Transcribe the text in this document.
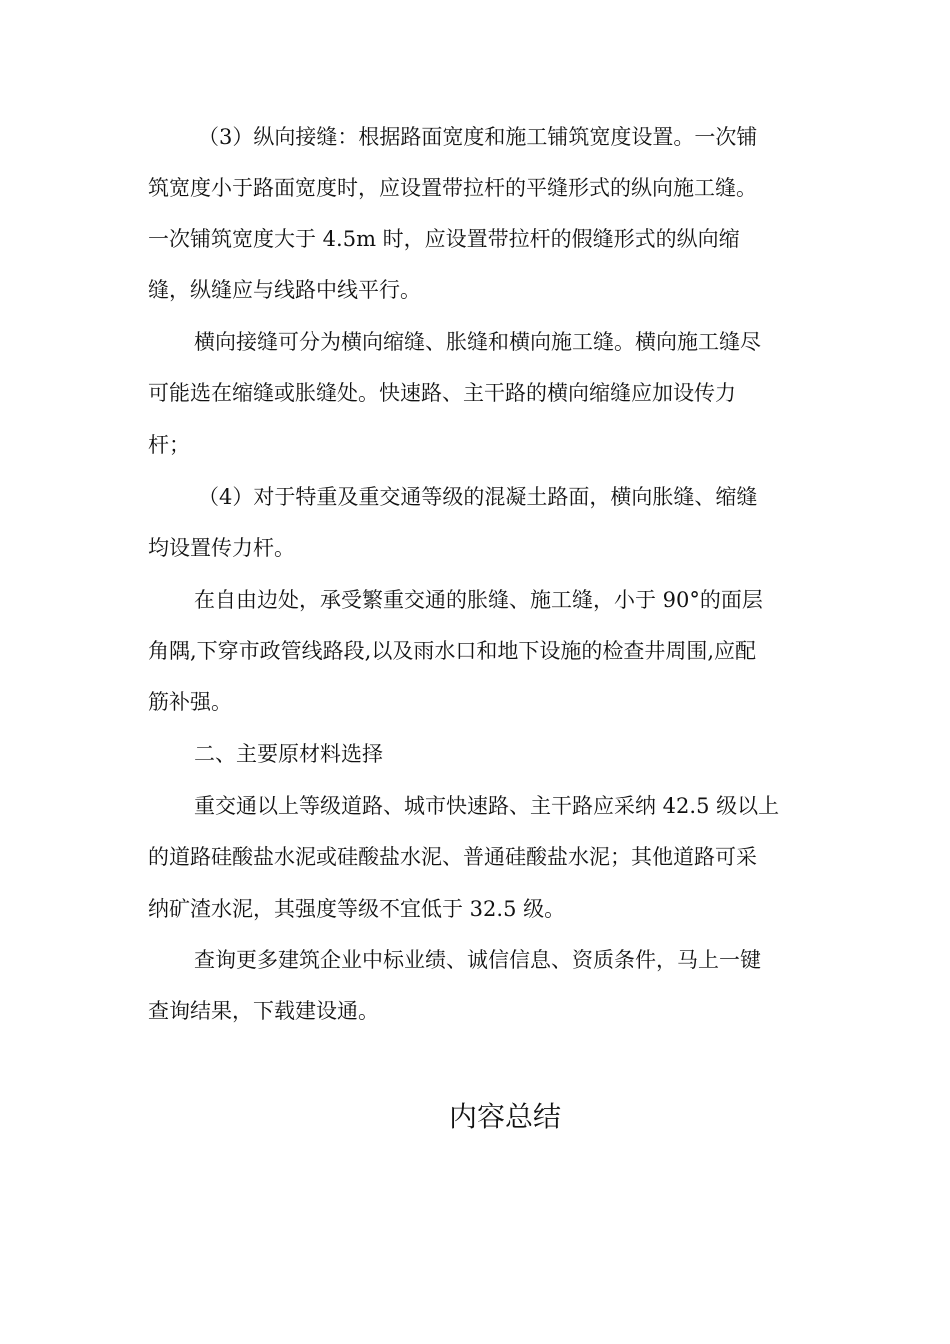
（3）纵向接缝：根据路面宽度和施工铺筑宽度设置。一次铺
筑宽度小于路面宽度时，应设置带拉杆的平缝形式的纵向施工缝。
一次铺筑宽度大于 4.5m 时，应设置带拉杆的假缝形式的纵向缩
缝，纵缝应与线路中线平行。
横向接缝可分为横向缩缝、胀缝和横向施工缝。横向施工缝尽
可能选在缩缝或胀缝处。快速路、主干路的横向缩缝应加设传力
杆；
（4）对于特重及重交通等级的混凝土路面，横向胀缝、缩缝
均设置传力杆。
在自由边处，承受繁重交通的胀缝、施工缝，小于 90°的面层
角隅,下穿市政管线路段,以及雨水口和地下设施的检查井周围,应配
筋补强。
二、主要原材料选择
重交通以上等级道路、城市快速路、主干路应采纳 42.5 级以上
的道路硅酸盐水泥或硅酸盐水泥、普通硅酸盐水泥；其他道路可采
纳矿渣水泥，其强度等级不宜低于 32.5 级。
查询更多建筑企业中标业绩、诚信信息、资质条件，马上一键
查询结果，下载建设通。
内容总结
